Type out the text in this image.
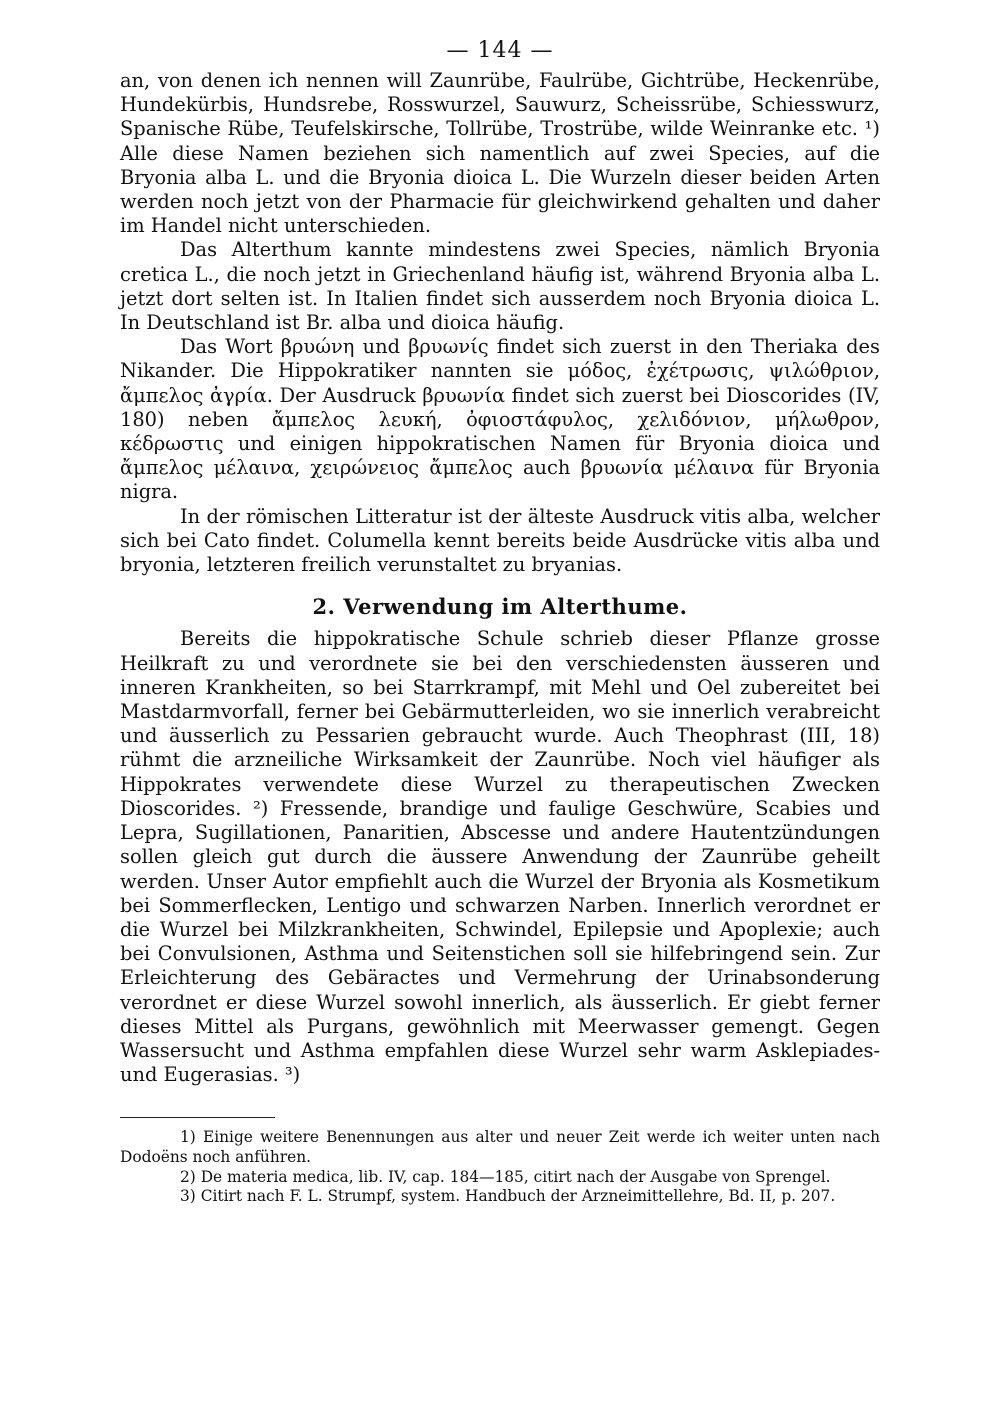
— 144 —

an, von denen ich nennen will Zaunrübe, Faulrübe, Gichtrübe, Heckenrübe, Hundekürbis, Hundsrebe, Rosswurzel, Sauwurz, Scheissrübe, Schiesswurz, Spanische Rübe, Teufelskirsche, Tollrübe, Trostrübe, wilde Weinranke etc. ¹) Alle diese Namen beziehen sich namentlich auf zwei Species, auf die Bryonia alba L. und die Bryonia dioica L. Die Wurzeln dieser beiden Arten werden noch jetzt von der Pharmacie für gleichwirkend gehalten und daher im Handel nicht unterschieden.

Das Alterthum kannte mindestens zwei Species, nämlich Bryonia cretica L., die noch jetzt in Griechenland häufig ist, während Bryonia alba L. jetzt dort selten ist. In Italien findet sich ausserdem noch Bryonia dioica L. In Deutschland ist Br. alba und dioica häufig.

Das Wort βρυώνη und βρυωνίς findet sich zuerst in den Theriaka des Nikander. Die Hippokratiker nannten sie μόδος, ἐχέτρωσις, ψιλώθριον, ἄμπελος ἀγρία. Der Ausdruck βρυωνία findet sich zuerst bei Dioscorides (IV, 180) neben ἄμπελος λευκή, ὀφιοστάφυλος, χελιδόνιον, μήλωθρον, κέδρωστις und einigen hippokratischen Namen für Bryonia dioica und ἄμπελος μέλαινα, χειρώνειος ἄμπελος auch βρυωνία μέλαινα für Bryonia nigra.

In der römischen Litteratur ist der älteste Ausdruck vitis alba, welcher sich bei Cato findet. Columella kennt bereits beide Ausdrücke vitis alba und bryonia, letzteren freilich verunstaltet zu bryanias.

2. Verwendung im Alterthume.

Bereits die hippokratische Schule schrieb dieser Pflanze grosse Heilkraft zu und verordnete sie bei den verschiedensten äusseren und inneren Krankheiten, so bei Starrkrampf, mit Mehl und Oel zubereitet bei Mastdarmvorfall, ferner bei Gebärmutterleiden, wo sie innerlich verabreicht und äusserlich zu Pessarien gebraucht wurde. Auch Theophrast (III, 18) rühmt die arzneiliche Wirksamkeit der Zaunrübe. Noch viel häufiger als Hippokrates verwendete diese Wurzel zu therapeutischen Zwecken Dioscorides. ²) Fressende, brandige und faulige Geschwüre, Scabies und Lepra, Sugillationen, Panaritien, Abscesse und andere Hautentzündungen sollen gleich gut durch die äussere Anwendung der Zaunrübe geheilt werden. Unser Autor empfiehlt auch die Wurzel der Bryonia als Kosmetikum bei Sommerflecken, Lentigo und schwarzen Narben. Innerlich verordnet er die Wurzel bei Milzkrankheiten, Schwindel, Epilepsie und Apoplexie; auch bei Convulsionen, Asthma und Seitenstichen soll sie hilfebringend sein. Zur Erleichterung des Gebäractes und Vermehrung der Urinabsonderung verordnet er diese Wurzel sowohl innerlich, als äusserlich. Er giebt ferner dieses Mittel als Purgans, gewöhnlich mit Meerwasser gemengt. Gegen Wassersucht und Asthma empfahlen diese Wurzel sehr warm Asklepiades-und Eugerasias. ³)

1) Einige weitere Benennungen aus alter und neuer Zeit werde ich weiter unten nach Dodoëns noch anführen.

2) De materia medica, lib. IV, cap. 184—185, citirt nach der Ausgabe von Sprengel.

3) Citirt nach F. L. Strumpf, system. Handbuch der Arzneimittellehre, Bd. II, p. 207.
